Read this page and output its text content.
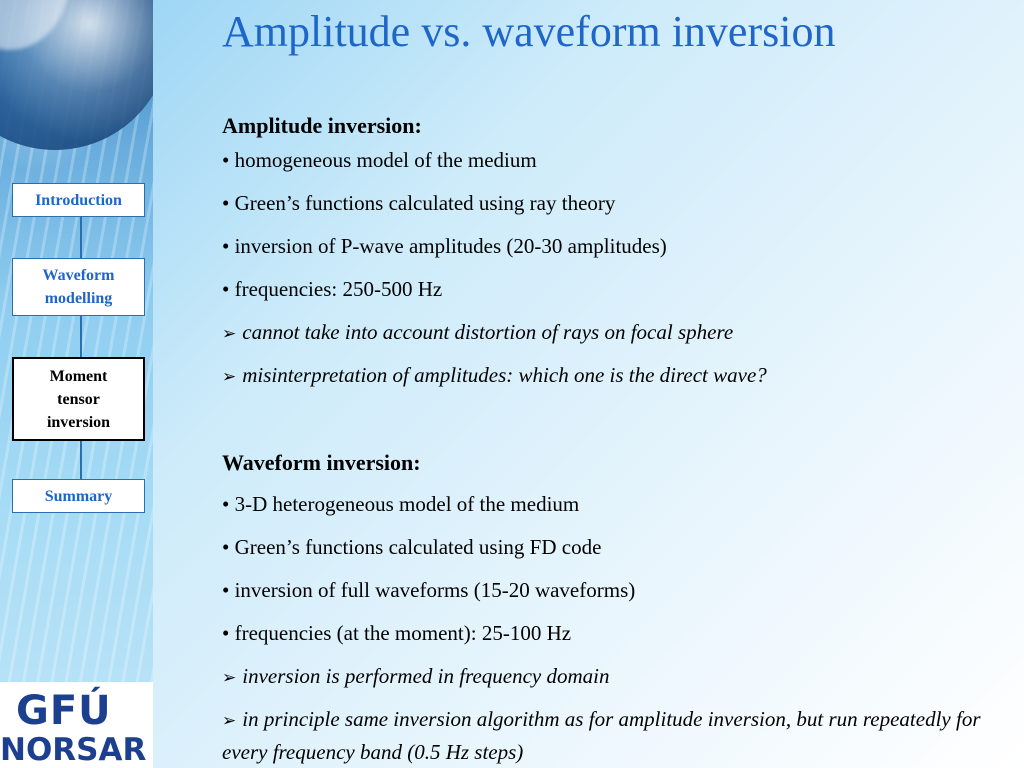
Introduction
Waveform modelling
Moment tensor inversion
Summary
GFÚ
NORSAR
Amplitude vs. waveform inversion
Amplitude inversion:
• homogeneous model of the medium
• Green’s functions calculated using ray theory
• inversion of P-wave amplitudes (20-30 amplitudes)
• frequencies: 250-500 Hz
➢ cannot take into account distortion of rays on focal sphere
➢ misinterpretation of amplitudes: which one is the direct wave?
Waveform inversion:
• 3-D heterogeneous model of the medium
• Green’s functions calculated using FD code
• inversion of full waveforms (15-20 waveforms)
• frequencies (at the moment): 25-100 Hz
➢ inversion is performed in frequency domain
➢ in principle same inversion algorithm as for amplitude inversion, but run repeatedly for every frequency band (0.5 Hz steps)
